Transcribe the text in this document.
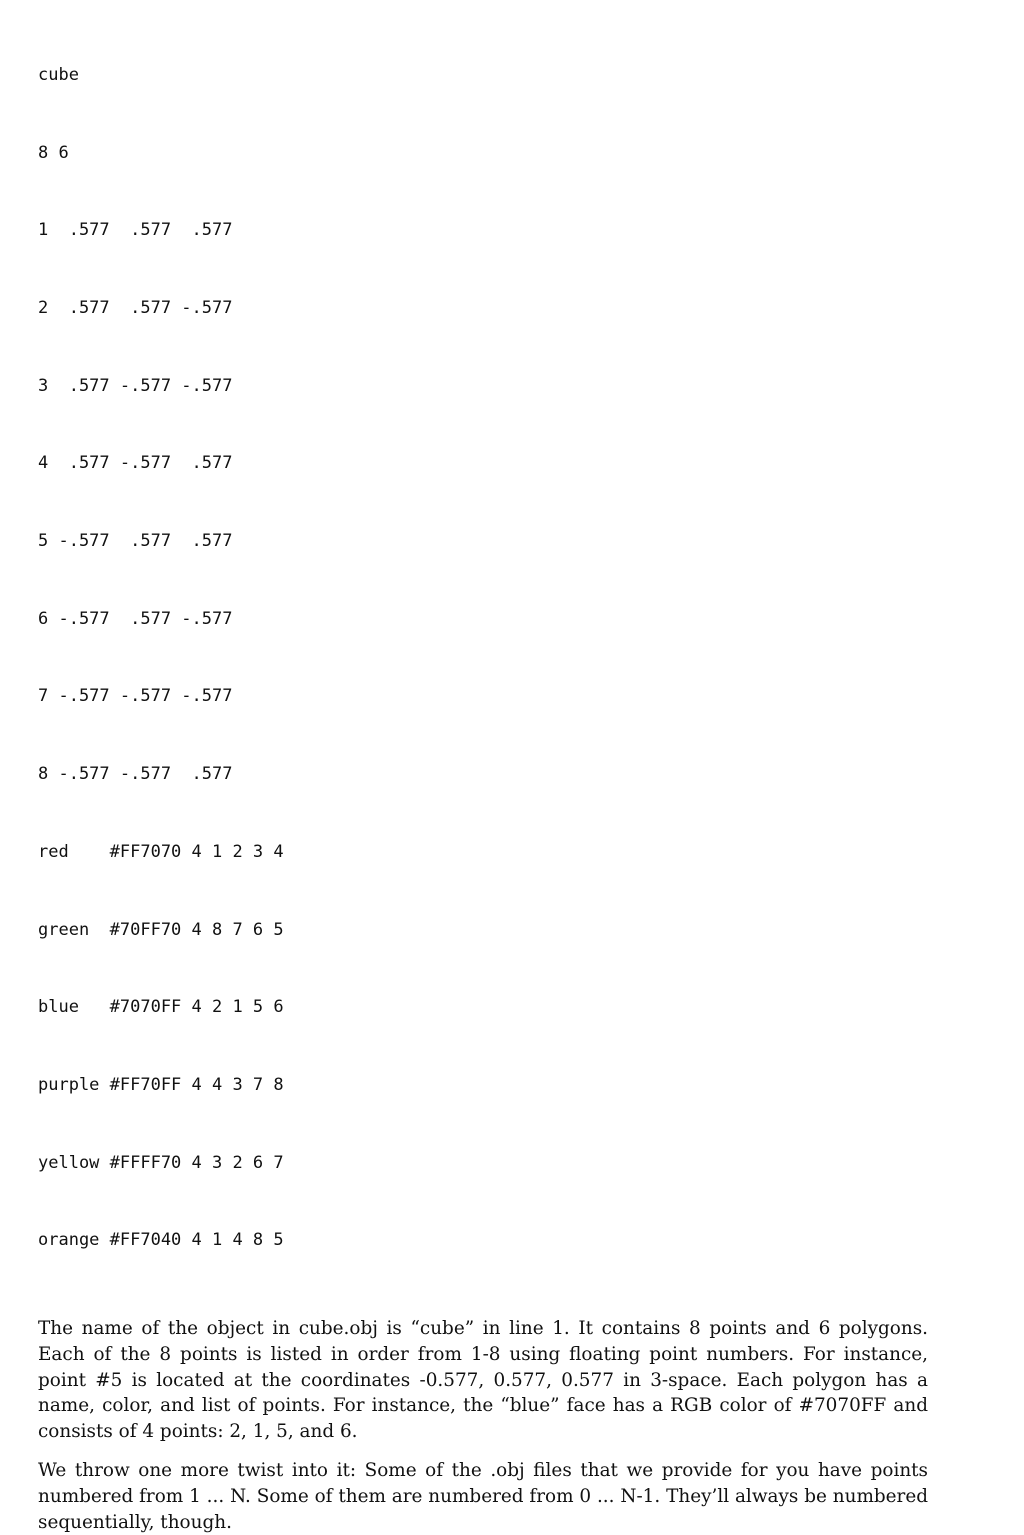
cube

8 6

1  .577  .577  .577

2  .577  .577 -.577

3  .577 -.577 -.577

4  .577 -.577  .577

5 -.577  .577  .577

6 -.577  .577 -.577

7 -.577 -.577 -.577

8 -.577 -.577  .577

red    #FF7070 4 1 2 3 4

green  #70FF70 4 8 7 6 5

blue   #7070FF 4 2 1 5 6

purple #FF70FF 4 4 3 7 8

yellow #FFFF70 4 3 2 6 7

orange #FF7040 4 1 4 8 5

The name of the object in cube.obj is “cube” in line 1. It contains 8 points and 6 polygons. Each of the 8 points is listed in order from 1-8 using floating point numbers. For instance, point #5 is located at the coordinates -0.577, 0.577, 0.577 in 3-space. Each polygon has a name, color, and list of points. For instance, the “blue” face has a RGB color of #7070FF and consists of 4 points: 2, 1, 5, and 6.

We throw one more twist into it: Some of the .obj files that we provide for you have points numbered from 1 ... N. Some of them are numbered from 0 ... N-1. They’ll always be numbered sequentially, though.
